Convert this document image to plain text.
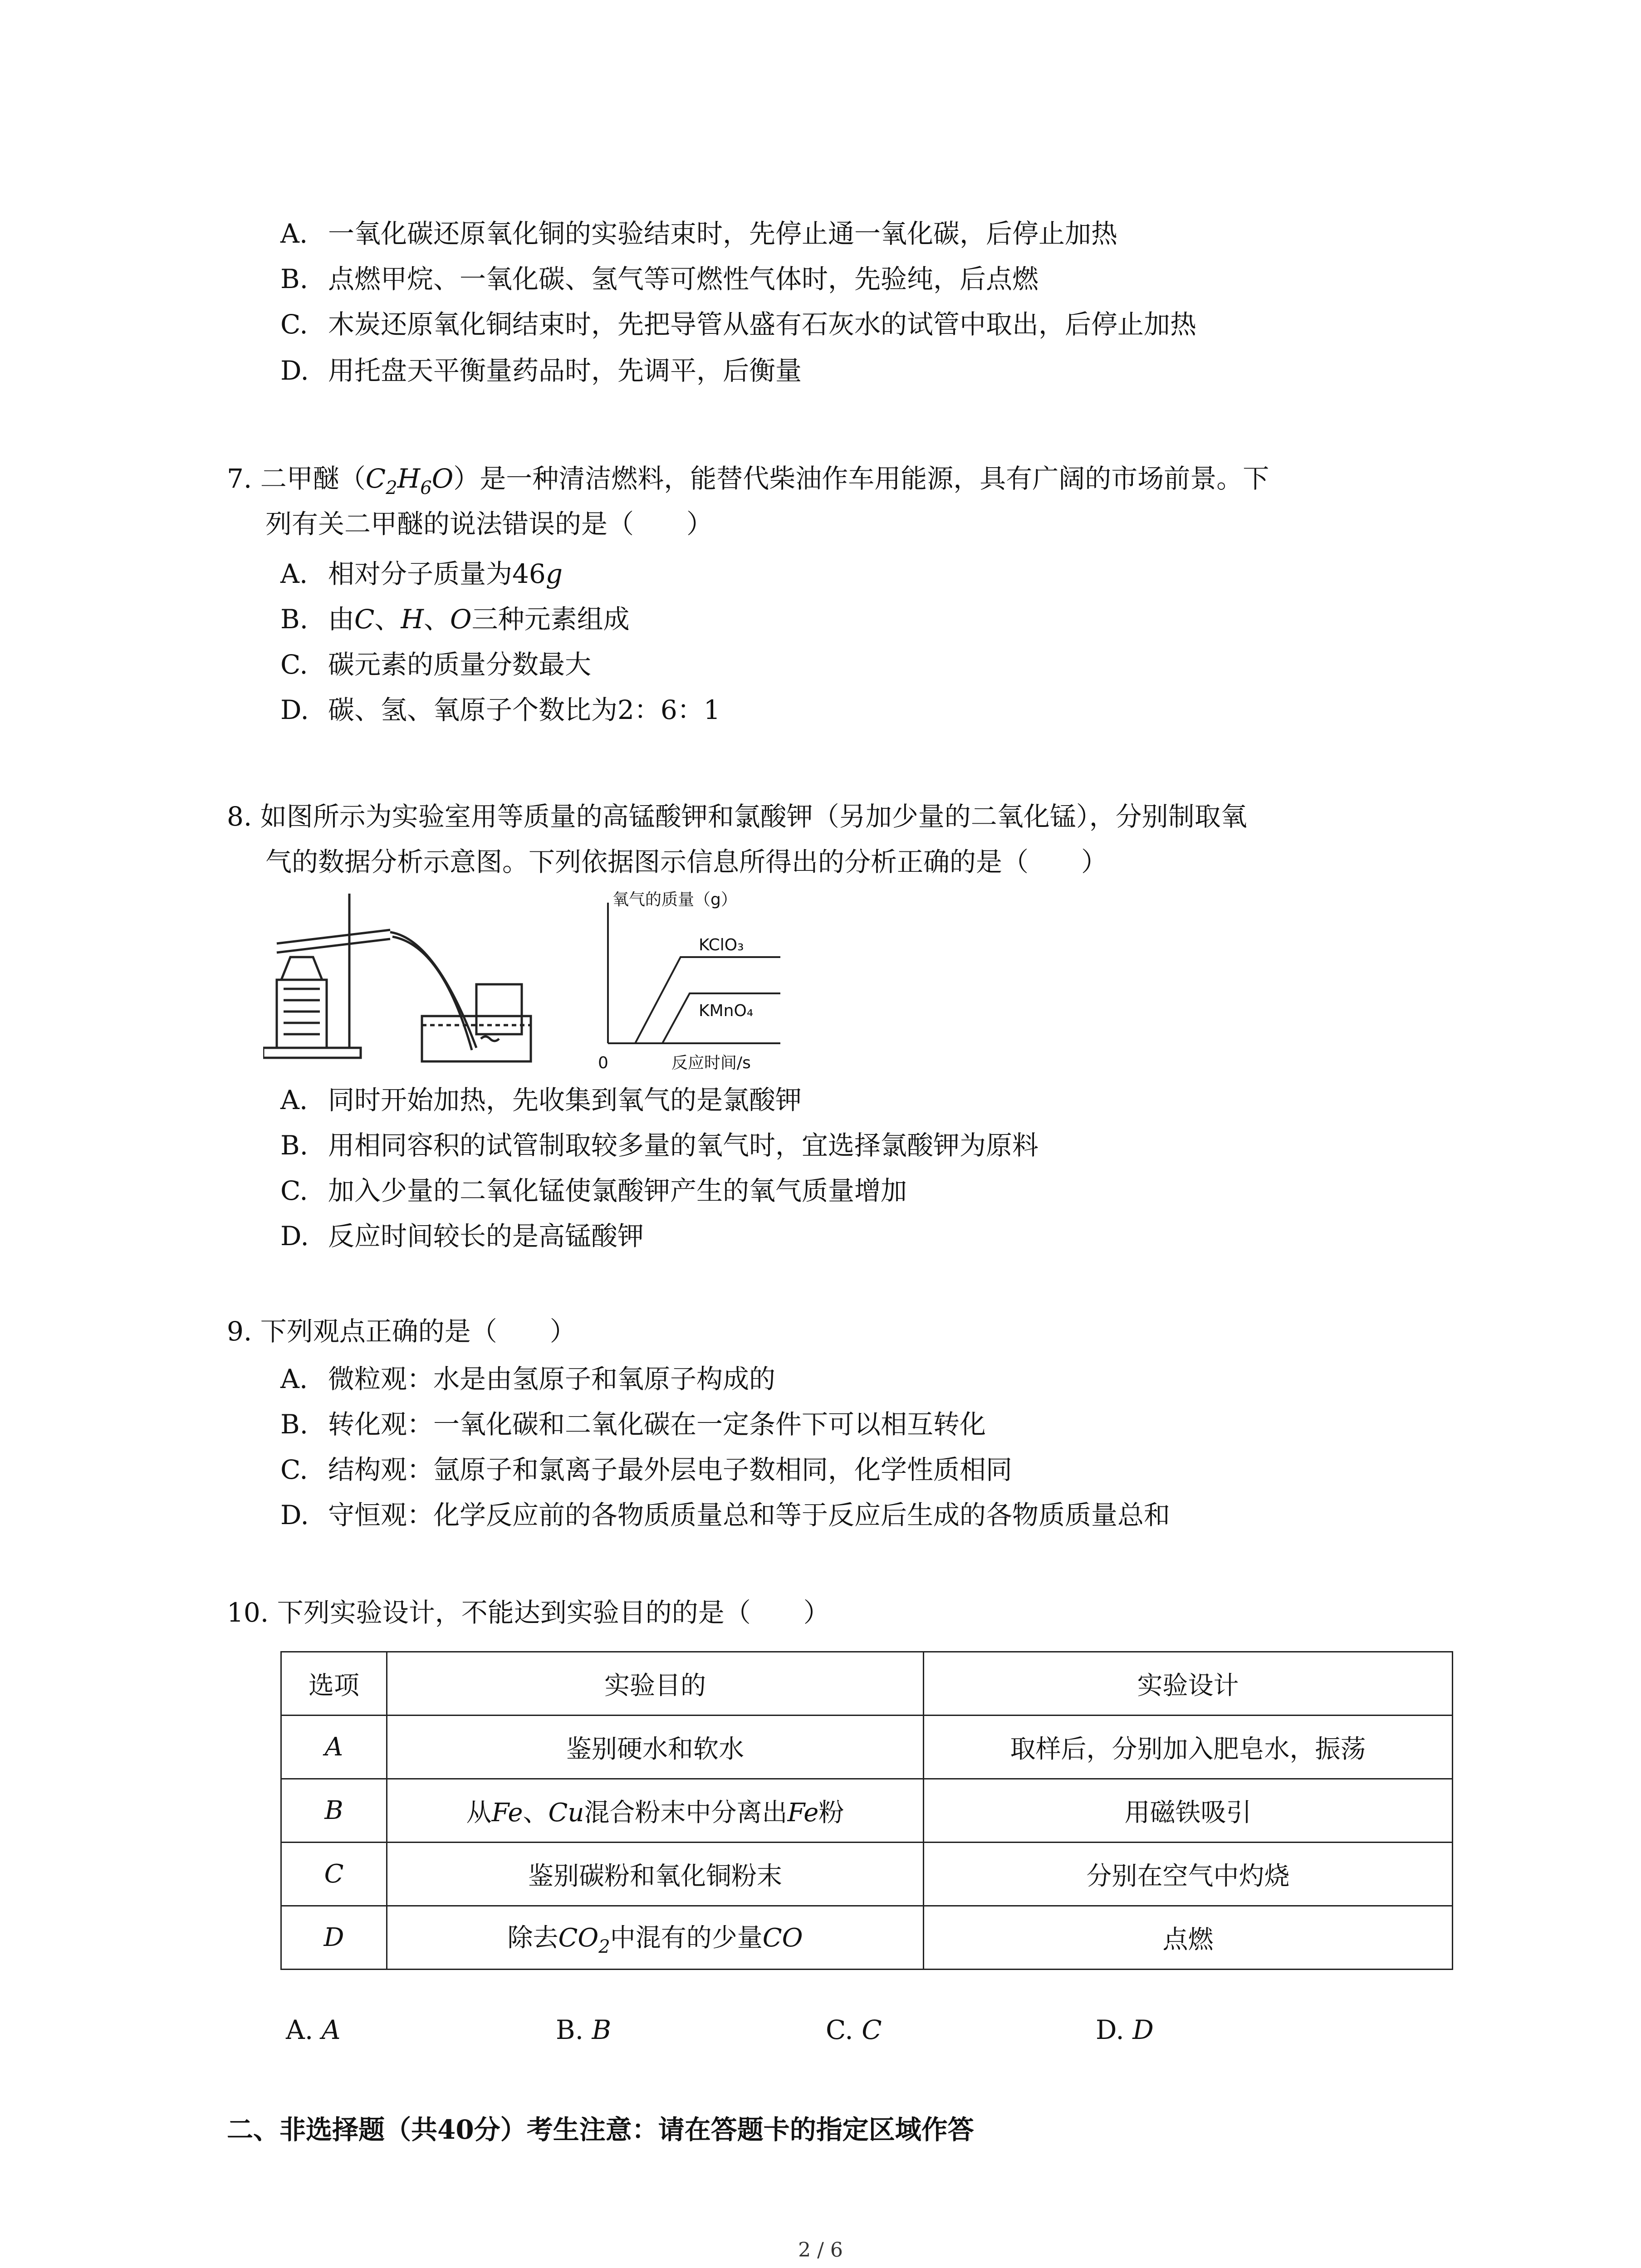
A. 一氧化碳还原氧化铜的实验结束时，先停止通一氧化碳，后停止加热
B. 点燃甲烷、一氧化碳、氢气等可燃性气体时，先验纯，后点燃
C. 木炭还原氧化铜结束时，先把导管从盛有石灰水的试管中取出，后停止加热
D. 用托盘天平衡量药品时，先调平，后衡量
7. 二甲醚$(C_2H_6O)$是一种清洁燃料，能替代柴油作车用能源，具有广阔的市场前景。下
列有关二甲醚的说法错误的是（　　）
A. 相对分子质量为46g
B. 由C、H、O三种元素组成
C. 碳元素的质量分数最大
D. 碳、氢、氧原子个数比为2：6：1
8. 如图所示为实验室用等质量的高锰酸钾和氯酸钾（另加少量的二氧化锰），分别制取氧
气的数据分析示意图。下列依据图示信息所得出的分析正确的是（　　）
氧气的质量（g）
KClO₃
KMnO₄
0	反应时间/s
A. 同时开始加热，先收集到氧气的是氯酸钾
B. 用相同容积的试管制取较多量的氧气时，宜选择氯酸钾为原料
C. 加入少量的二氧化锰使氯酸钾产生的氧气质量增加
D. 反应时间较长的是高锰酸钾
9. 下列观点正确的是（　　）
A. 微粒观：水是由氢原子和氧原子构成的
B. 转化观：一氧化碳和二氧化碳在一定条件下可以相互转化
C. 结构观：氩原子和氯离子最外层电子数相同，化学性质相同
D. 守恒观：化学反应前的各物质质量总和等于反应后生成的各物质质量总和
10. 下列实验设计，不能达到实验目的的是（　　）
选项	实验目的	实验设计
A	鉴别硬水和软水	取样后，分别加入肥皂水，振荡
B	从Fe、Cu混合粉末中分离出Fe粉	用磁铁吸引
C	鉴别碳粉和氧化铜粉末	分别在空气中灼烧
D	除去$CO_2$中混有的少量CO	点燃
A. A	B. B	C. C	D. D
二、非选择题（共40分）考生注意：请在答题卡的指定区域作答
2 / 6
